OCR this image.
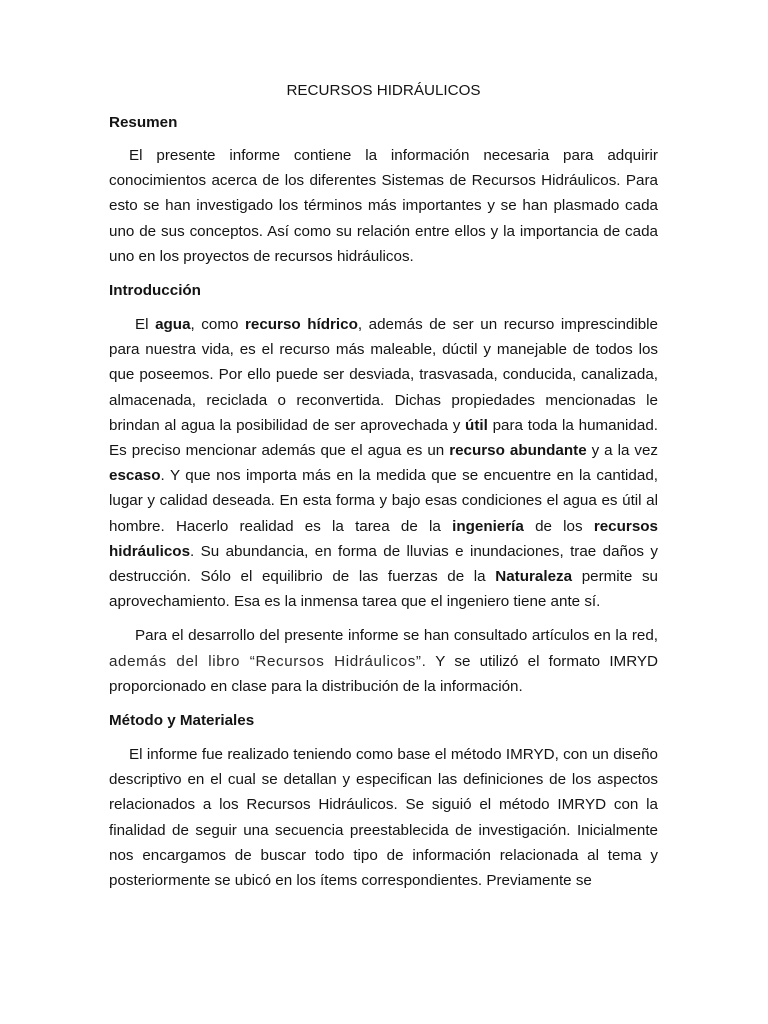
RECURSOS HIDRÁULICOS
Resumen

El presente informe contiene la información necesaria para adquirir conocimientos acerca de los diferentes Sistemas de Recursos Hidráulicos. Para esto se han investigado los términos más importantes y se han plasmado cada uno de sus conceptos. Así como su relación entre ellos y la importancia de cada uno en los proyectos de recursos hidráulicos.

Introducción

El agua, como recurso hídrico, además de ser un recurso imprescindible para nuestra vida, es el recurso más maleable, dúctil y manejable de todos los que poseemos. Por ello puede ser desviada, trasvasada, conducida, canalizada, almacenada, reciclada o reconvertida. Dichas propiedades mencionadas le brindan al agua la posibilidad de ser aprovechada y útil para toda la humanidad. Es preciso mencionar además que el agua es un recurso abundante y a la vez escaso. Y que nos importa más en la medida que se encuentre en la cantidad, lugar y calidad deseada. En esta forma y bajo esas condiciones el agua es útil al hombre. Hacerlo realidad es la tarea de la ingeniería de los recursos hidráulicos. Su abundancia, en forma de lluvias e inundaciones, trae daños y destrucción. Sólo el equilibrio de las fuerzas de la Naturaleza permite su aprovechamiento. Esa es la inmensa tarea que el ingeniero tiene ante sí.

Para el desarrollo del presente informe se han consultado artículos en la red, además del libro “Recursos Hidráulicos”. Y se utilizó el formato IMRYD proporcionado en clase para la distribución de la información.

Método y Materiales

El informe fue realizado teniendo como base el método IMRYD, con un diseño descriptivo en el cual se detallan y especifican las definiciones de los aspectos relacionados a los Recursos Hidráulicos. Se siguió el método IMRYD con la finalidad de seguir una secuencia preestablecida de investigación. Inicialmente nos encargamos de buscar todo tipo de información relacionada al tema y posteriormente se ubicó en los ítems correspondientes. Previamente se
